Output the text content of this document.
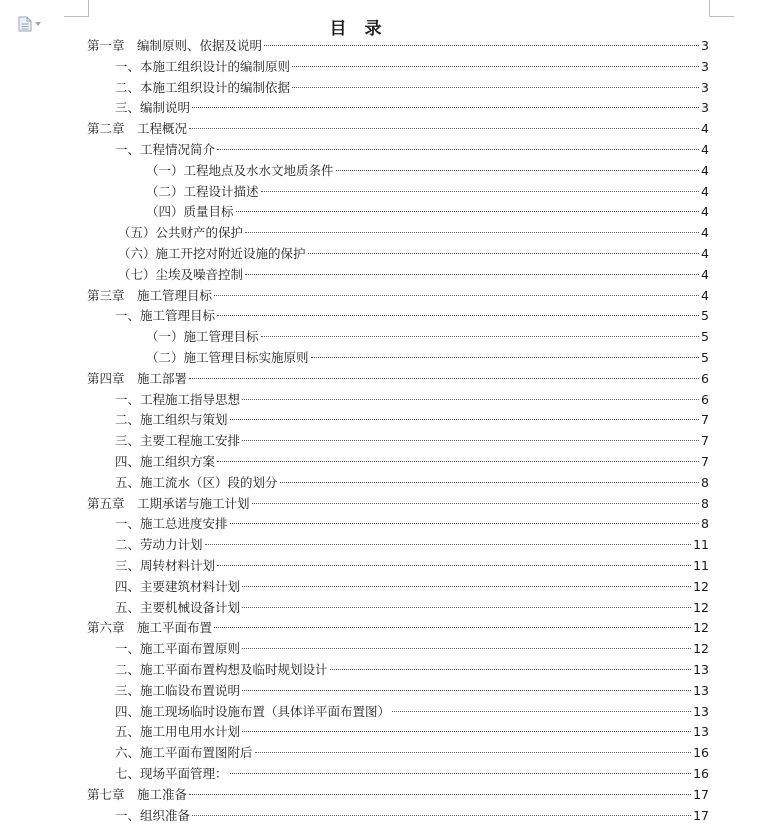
目 录
第一章　编制原则、依据及说明	3
一、本施工组织设计的编制原则	3
二、本施工组织设计的编制依据	3
三、编制说明	3
第二章　工程概况	4
一、工程情况简介	4
（一）工程地点及水水文地质条件	4
（二）工程设计描述	4
（四）质量目标	4
（五）公共财产的保护	4
（六）施工开挖对附近设施的保护	4
（七）尘埃及噪音控制	4
第三章　施工管理目标	4
一、施工管理目标	5
（一）施工管理目标	5
（二）施工管理目标实施原则	5
第四章　施工部署	6
一、工程施工指导思想	6
二、施工组织与策划	7
三、主要工程施工安排	7
四、施工组织方案	7
五、施工流水（区）段的划分	8
第五章　工期承诺与施工计划	8
一、施工总进度安排	8
二、劳动力计划	11
三、周转材料计划	11
四、主要建筑材料计划	12
五、主要机械设备计划	12
第六章　施工平面布置	12
一、施工平面布置原则	12
二、施工平面布置构想及临时规划设计	13
三、施工临设布置说明	13
四、施工现场临时设施布置（具体详平面布置图）	13
五、施工用电用水计划	13
六、施工平面布置图附后	16
七、现场平面管理：	16
第七章　施工准备	17
一、组织准备	17
